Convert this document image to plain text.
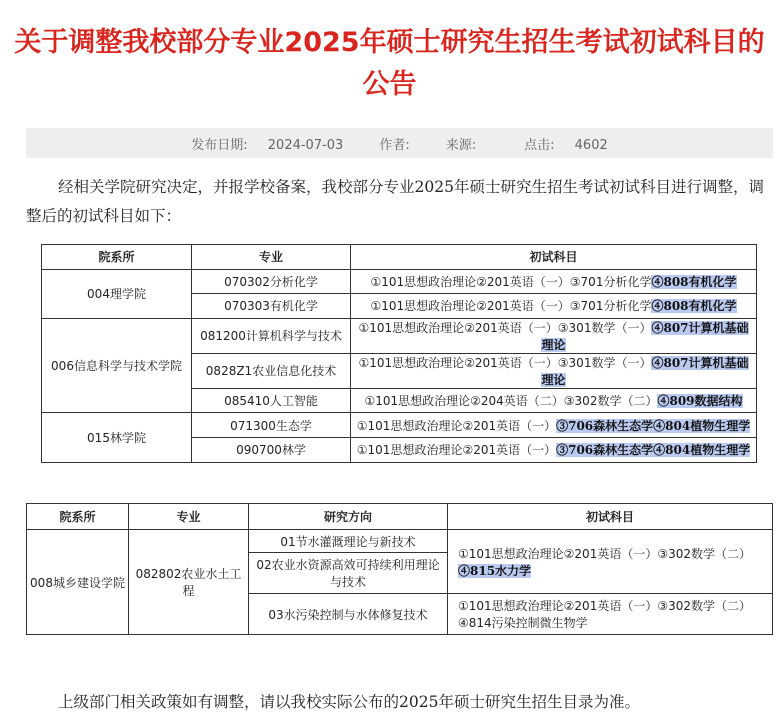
关于调整我校部分专业2025年硕士研究生招生考试初试科目的公告
发布日期: 2024-07-03	作者:	来源:	点击: 4602
经相关学院研究决定，并报学校备案，我校部分专业2025年硕士研究生招生考试初试科目进行调整，调整后的初试科目如下：
院系所	专业	初试科目
004理学院	070302分析化学	①101思想政治理论②201英语（一）③701分析化学④808有机化学
	070303有机化学	①101思想政治理论②201英语（一）③701分析化学④808有机化学
006信息科学与技术学院	081200计算机科学与技术	①101思想政治理论②201英语（一）③301数学（一）④807计算机基础理论
	0828Z1农业信息化技术	①101思想政治理论②201英语（一）③301数学（一）④807计算机基础理论
	085410人工智能	①101思想政治理论②204英语（二）③302数学（二）④809数据结构
015林学院	071300生态学	①101思想政治理论②201英语（一）③706森林生态学④804植物生理学
	090700林学	①101思想政治理论②201英语（一）③706森林生态学④804植物生理学
院系所	专业	研究方向	初试科目
008城乡建设学院	082802农业水土工程	01节水灌溉理论与新技术	①101思想政治理论②201英语（一）③302数学（二）④815水力学
		02农业水资源高效可持续利用理论与技术	
		03水污染控制与水体修复技术	①101思想政治理论②201英语（一）③302数学（二）④814污染控制微生物学
上级部门相关政策如有调整，请以我校实际公布的2025年硕士研究生招生目录为准。
